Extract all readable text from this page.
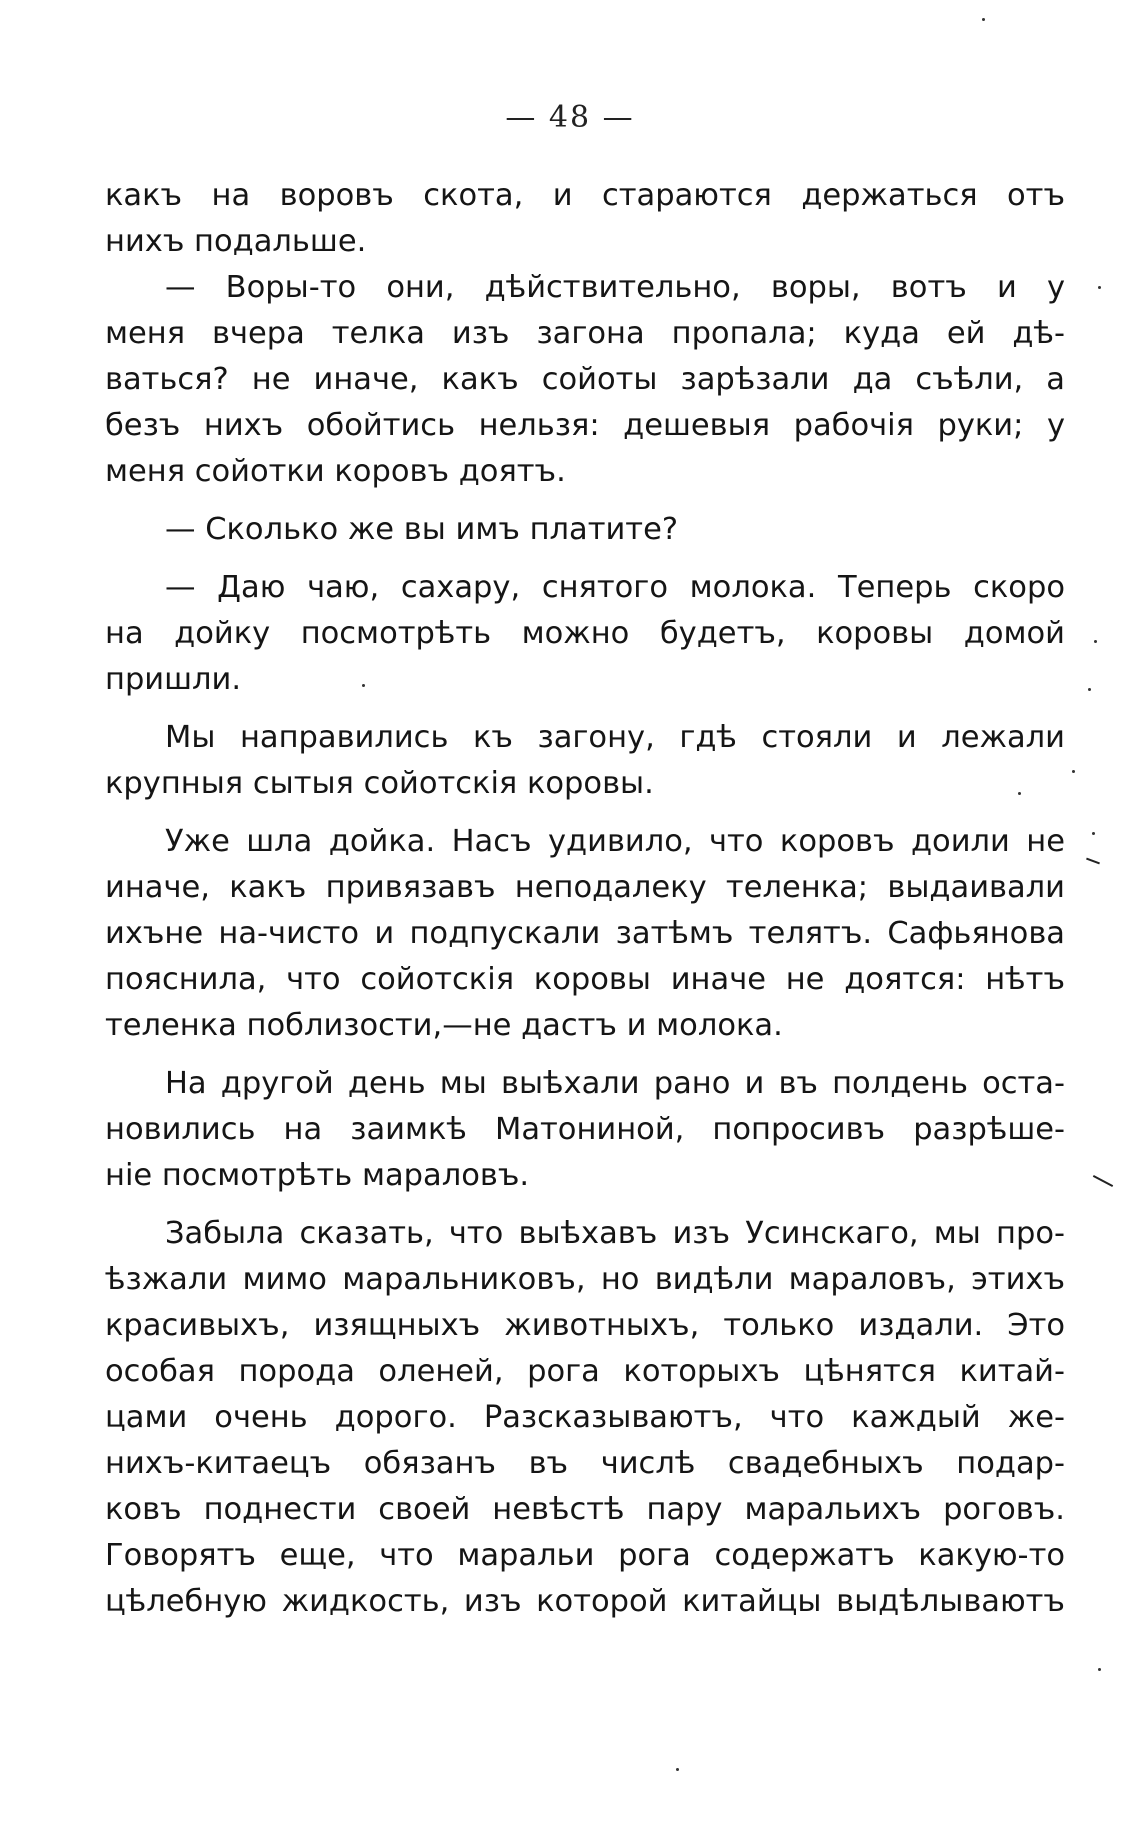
— 48 —
какъ на воровъ скота, и стараются держаться отъ
нихъ подальше.
— Воры-то они, дѣйствительно, воры, вотъ и у
меня вчера телка изъ загона пропала; куда ей дѣ-
ваться? не иначе, какъ сойоты зарѣзали да съѣли, а
безъ нихъ обойтись нельзя: дешевыя рабочія руки; у
меня сойотки коровъ доятъ.
— Сколько же вы имъ платите?
— Даю чаю, сахару, снятого молока. Теперь скоро
на дойку посмотрѣть можно будетъ, коровы домой
пришли.
Мы направились къ загону, гдѣ стояли и лежали
крупныя сытыя сойотскія коровы.
Уже шла дойка. Насъ удивило, что коровъ доили не
иначе, какъ привязавъ неподалеку теленка; выдаивали
ихъне на-чисто и подпускали затѣмъ телятъ. Сафьянова
пояснила, что сойотскія коровы иначе не доятся: нѣтъ
теленка поблизости,—не дастъ и молока.
На другой день мы выѣхали рано и въ полдень оста-
новились на заимкѣ Матониной, попросивъ разрѣше-
ніе посмотрѣть мараловъ.
Забыла сказать, что выѣхавъ изъ Усинскаго, мы про-
ѣзжали мимо маральниковъ, но видѣли мараловъ, этихъ
красивыхъ, изящныхъ животныхъ, только издали. Это
особая порода оленей, рога которыхъ цѣнятся китай-
цами очень дорого. Разсказываютъ, что каждый же-
нихъ-китаецъ обязанъ въ числѣ свадебныхъ подар-
ковъ поднести своей невѣстѣ пару маральихъ роговъ.
Говорятъ еще, что маральи рога содержатъ какую-то
цѣлебную жидкость, изъ которой китайцы выдѣлываютъ
